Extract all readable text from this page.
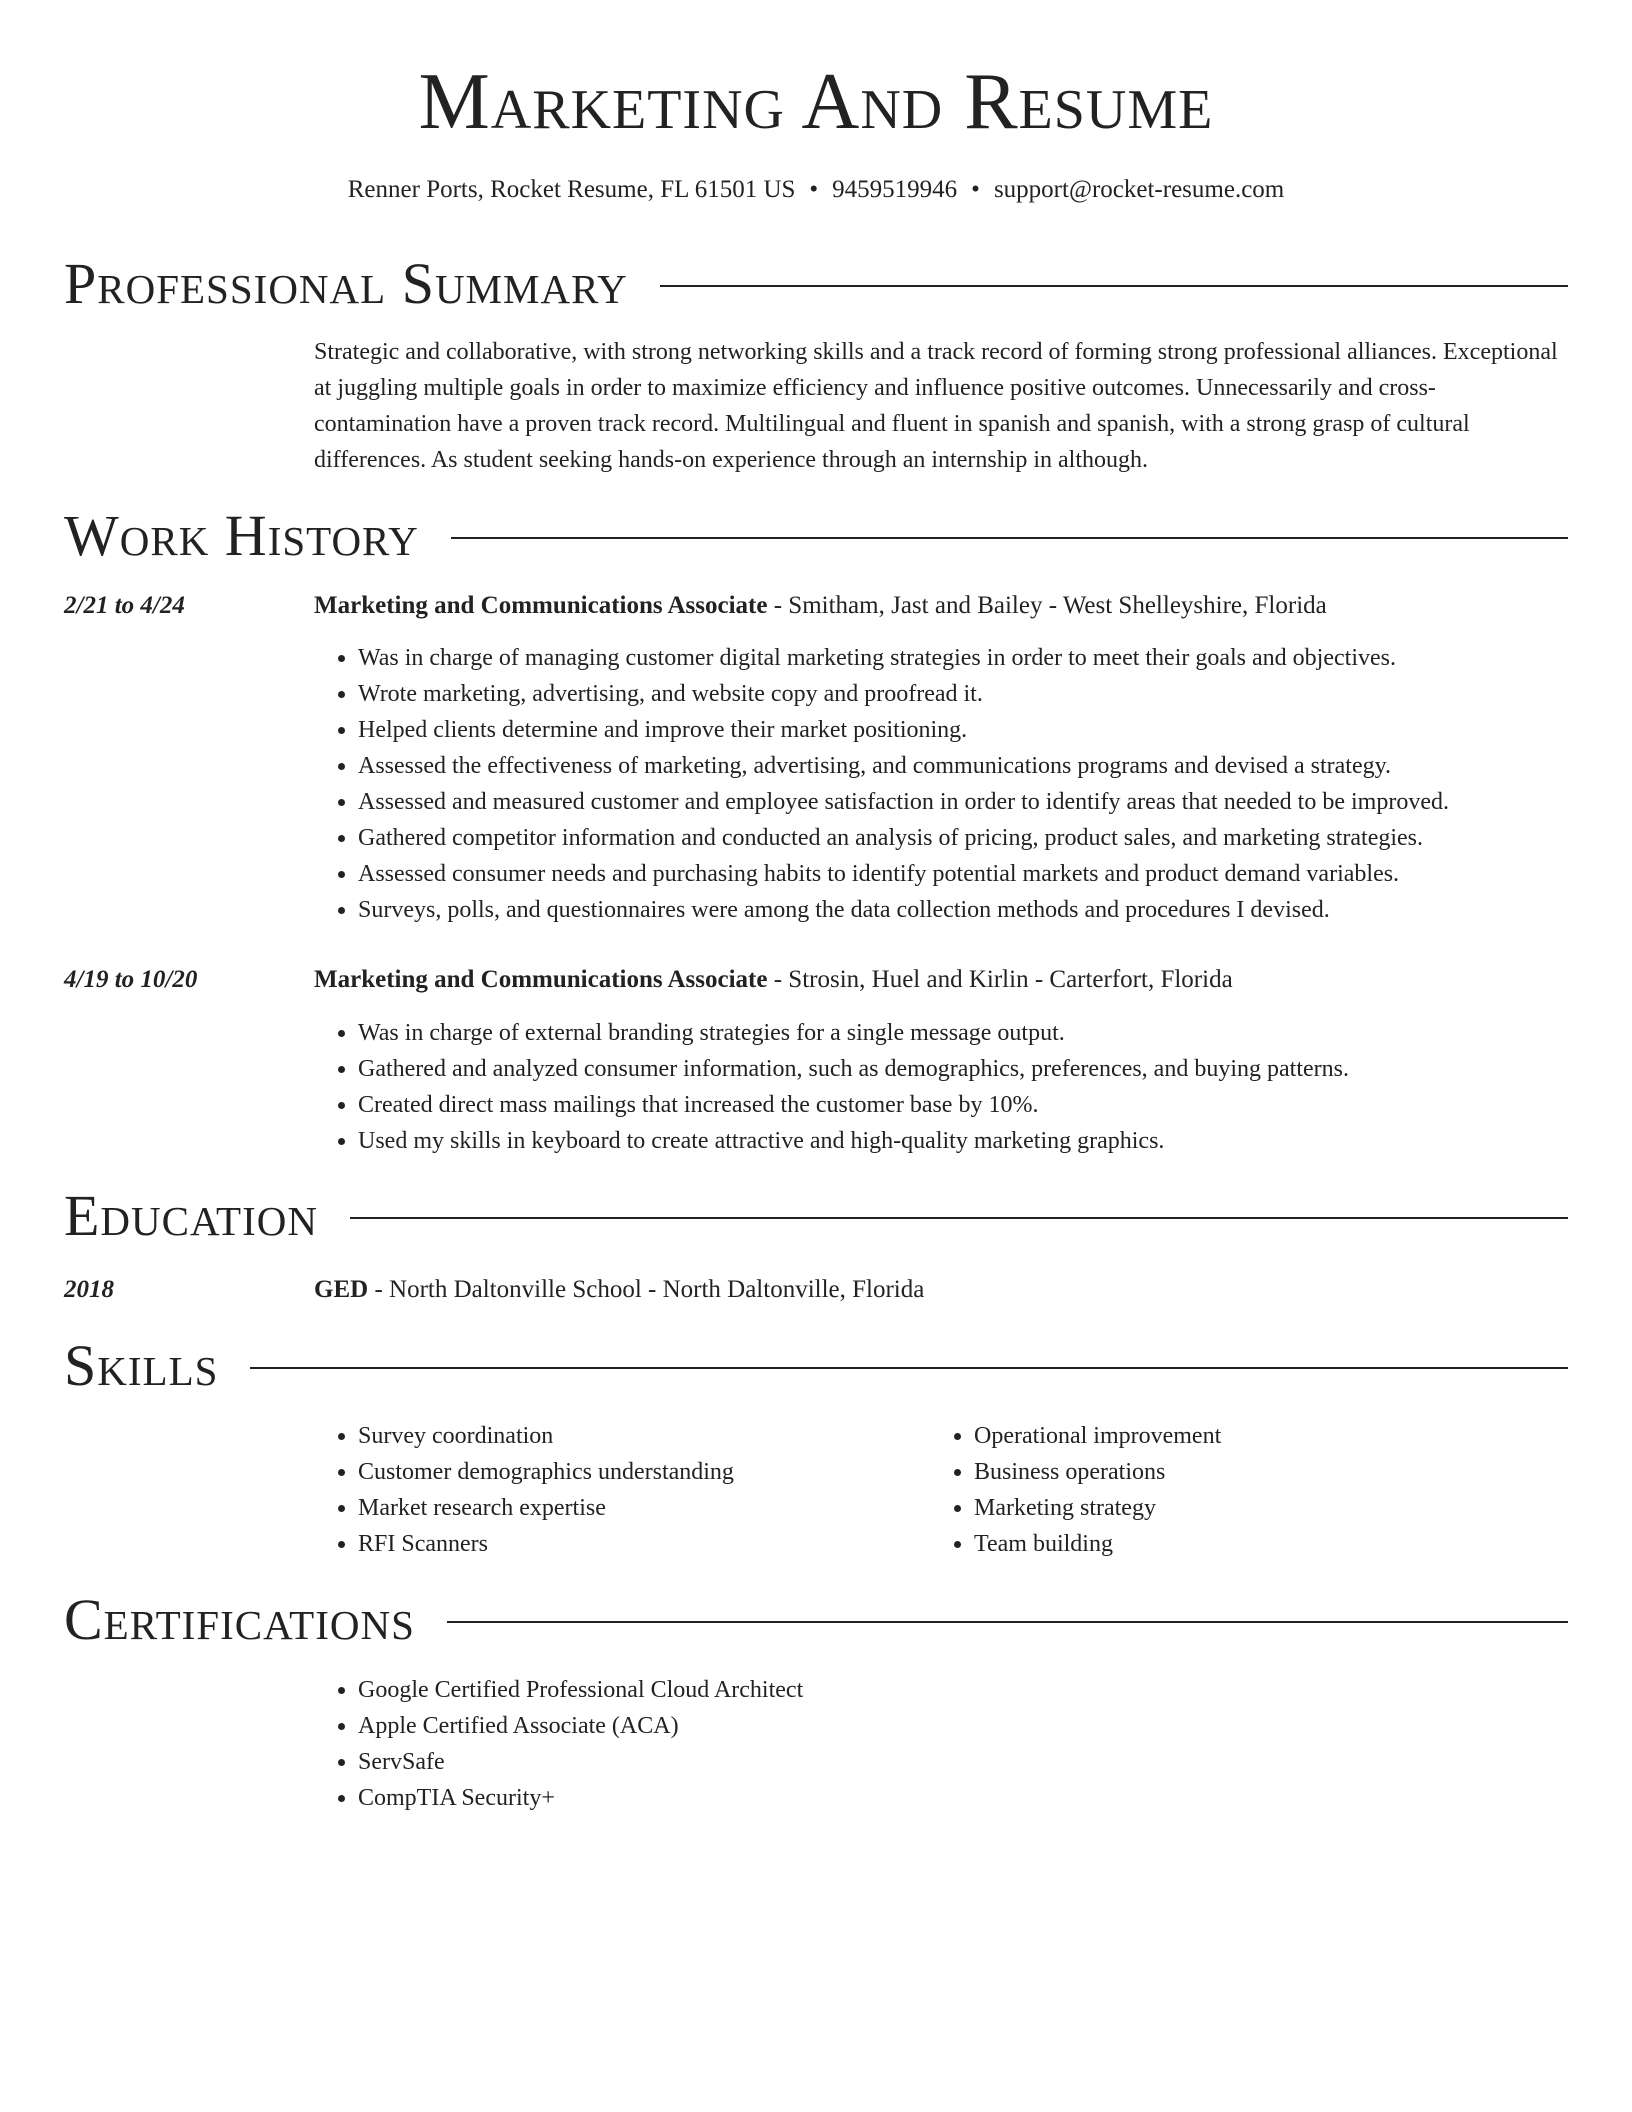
Marketing And Resume
Renner Ports, Rocket Resume, FL 61501 US • 9459519946 • support@rocket-resume.com
Professional Summary

Strategic and collaborative, with strong networking skills and a track record of forming strong professional alliances. Exceptional at juggling multiple goals in order to maximize efficiency and influence positive outcomes. Unnecessarily and cross-contamination have a proven track record. Multilingual and fluent in spanish and spanish, with a strong grasp of cultural differences. As student seeking hands-on experience through an internship in although.

Work History
2/21 to 4/24	Marketing and Communications Associate - Smitham, Jast and Bailey - West Shelleyshire, Florida
• Was in charge of managing customer digital marketing strategies in order to meet their goals and objectives.
• Wrote marketing, advertising, and website copy and proofread it.
• Helped clients determine and improve their market positioning.
• Assessed the effectiveness of marketing, advertising, and communications programs and devised a strategy.
• Assessed and measured customer and employee satisfaction in order to identify areas that needed to be improved.
• Gathered competitor information and conducted an analysis of pricing, product sales, and marketing strategies.
• Assessed consumer needs and purchasing habits to identify potential markets and product demand variables.
• Surveys, polls, and questionnaires were among the data collection methods and procedures I devised.
4/19 to 10/20	Marketing and Communications Associate - Strosin, Huel and Kirlin - Carterfort, Florida
• Was in charge of external branding strategies for a single message output.
• Gathered and analyzed consumer information, such as demographics, preferences, and buying patterns.
• Created direct mass mailings that increased the customer base by 10%.
• Used my skills in keyboard to create attractive and high-quality marketing graphics.
Education
2018	GED - North Daltonville School - North Daltonville, Florida
Skills
• Survey coordination
• Customer demographics understanding
• Market research expertise
• RFI Scanners
• Operational improvement
• Business operations
• Marketing strategy
• Team building
Certifications
• Google Certified Professional Cloud Architect
• Apple Certified Associate (ACA)
• ServSafe
• CompTIA Security+
